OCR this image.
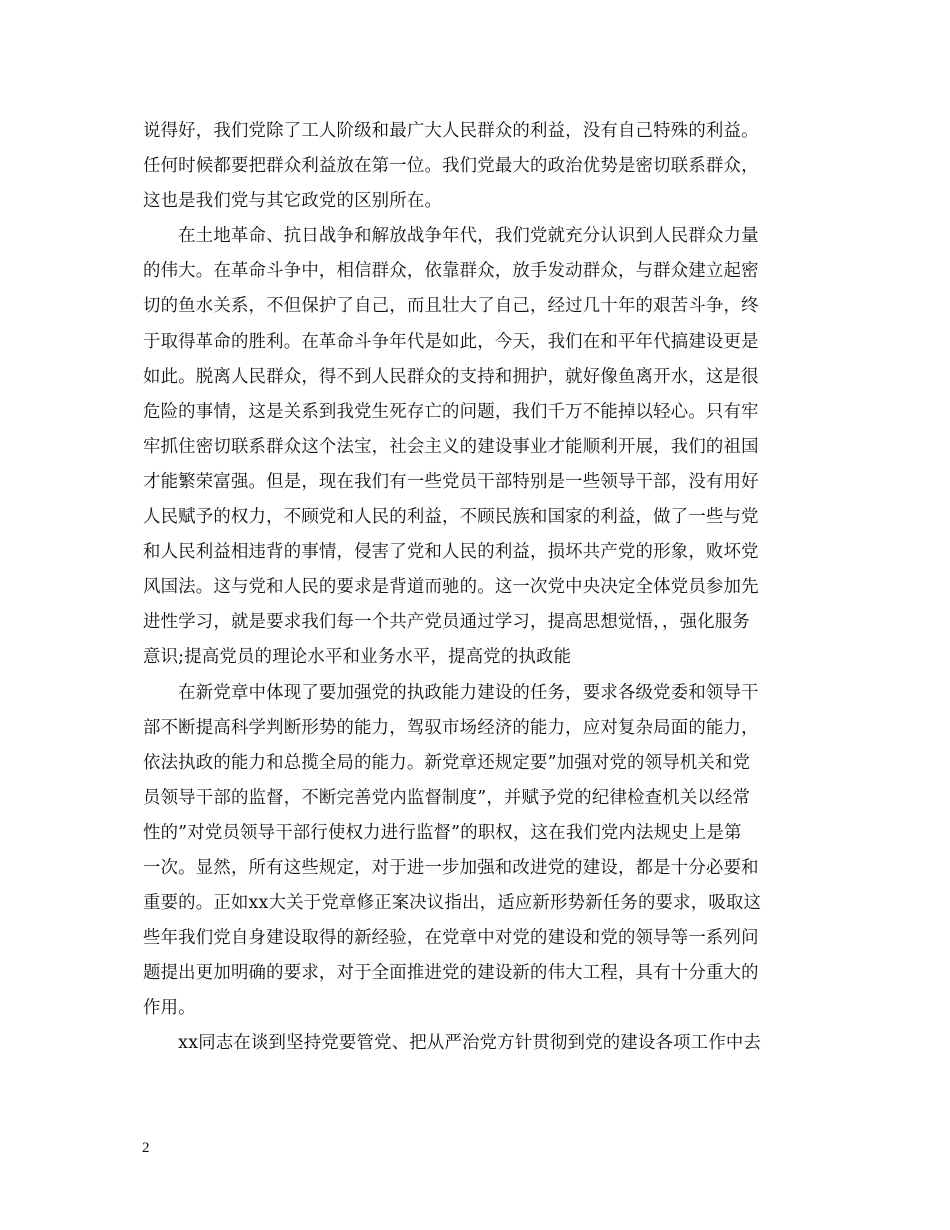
说得好，我们党除了工人阶级和最广大人民群众的利益，没有自己特殊的利益。
任何时候都要把群众利益放在第一位。我们党最大的政治优势是密切联系群众，
这也是我们党与其它政党的区别所在。
　　在土地革命、抗日战争和解放战争年代，我们党就充分认识到人民群众力量
的伟大。在革命斗争中，相信群众，依靠群众，放手发动群众，与群众建立起密
切的鱼水关系，不但保护了自己，而且壮大了自己，经过几十年的艰苦斗争，终
于取得革命的胜利。在革命斗争年代是如此，今天，我们在和平年代搞建设更是
如此。脱离人民群众，得不到人民群众的支持和拥护，就好像鱼离开水，这是很
危险的事情，这是关系到我党生死存亡的问题，我们千万不能掉以轻心。只有牢
牢抓住密切联系群众这个法宝，社会主义的建设事业才能顺利开展，我们的祖国
才能繁荣富强。但是，现在我们有一些党员干部特别是一些领导干部，没有用好
人民赋予的权力，不顾党和人民的利益，不顾民族和国家的利益，做了一些与党
和人民利益相违背的事情，侵害了党和人民的利益，损坏共产党的形象，败坏党
风国法。这与党和人民的要求是背道而驰的。这一次党中央决定全体党员参加先
进性学习，就是要求我们每一个共产党员通过学习，提高思想觉悟，，强化服务
意识;提高党员的理论水平和业务水平，提高党的执政能
　　在新党章中体现了要加强党的执政能力建设的任务，要求各级党委和领导干
部不断提高科学判断形势的能力，驾驭市场经济的能力，应对复杂局面的能力，
依法执政的能力和总揽全局的能力。新党章还规定要”加强对党的领导机关和党
员领导干部的监督，不断完善党内监督制度”，并赋予党的纪律检查机关以经常
性的”对党员领导干部行使权力进行监督”的职权，这在我们党内法规史上是第
一次。显然，所有这些规定，对于进一步加强和改进党的建设，都是十分必要和
重要的。正如xx大关于党章修正案决议指出，适应新形势新任务的要求，吸取这
些年我们党自身建设取得的新经验，在党章中对党的建设和党的领导等一系列问
题提出更加明确的要求，对于全面推进党的建设新的伟大工程，具有十分重大的
作用。
　　xx同志在谈到坚持党要管党、把从严治党方针贯彻到党的建设各项工作中去
2
